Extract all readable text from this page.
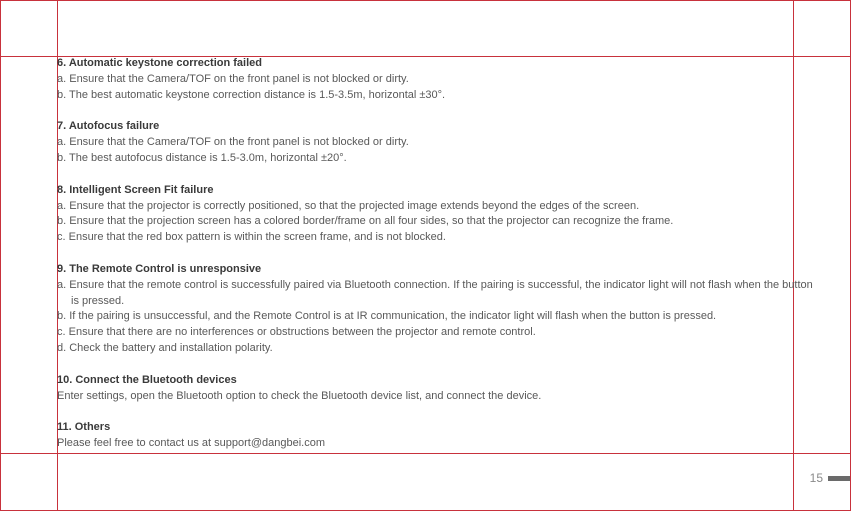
6. Automatic keystone correction failed
a. Ensure that the Camera/TOF on the front panel is not blocked or dirty.
b. The best automatic keystone correction distance is 1.5-3.5m, horizontal ±30°.
7. Autofocus failure
a. Ensure that the Camera/TOF on the front panel is not blocked or dirty.
b. The best autofocus distance is 1.5-3.0m, horizontal ±20°.
8. Intelligent Screen Fit failure
a. Ensure that the projector is correctly positioned, so that the projected image extends beyond the edges of the screen.
b. Ensure that the projection screen has a colored border/frame on all four sides, so that the projector can recognize the frame.
c. Ensure that the red box pattern is within the screen frame, and is not blocked.
9. The Remote Control is unresponsive
a. Ensure that the remote control is successfully paired via Bluetooth connection. If the pairing is successful, the indicator light will not flash when the button is pressed.
b. If the pairing is unsuccessful, and the Remote Control is at IR communication, the indicator light will flash when the button is pressed.
c. Ensure that there are no interferences or obstructions between the projector and remote control.
d. Check the battery and installation polarity.
10. Connect the Bluetooth devices
Enter settings, open the Bluetooth option to check the Bluetooth device list, and connect the device.
11. Others
Please feel free to contact us at support@dangbei.com
15
